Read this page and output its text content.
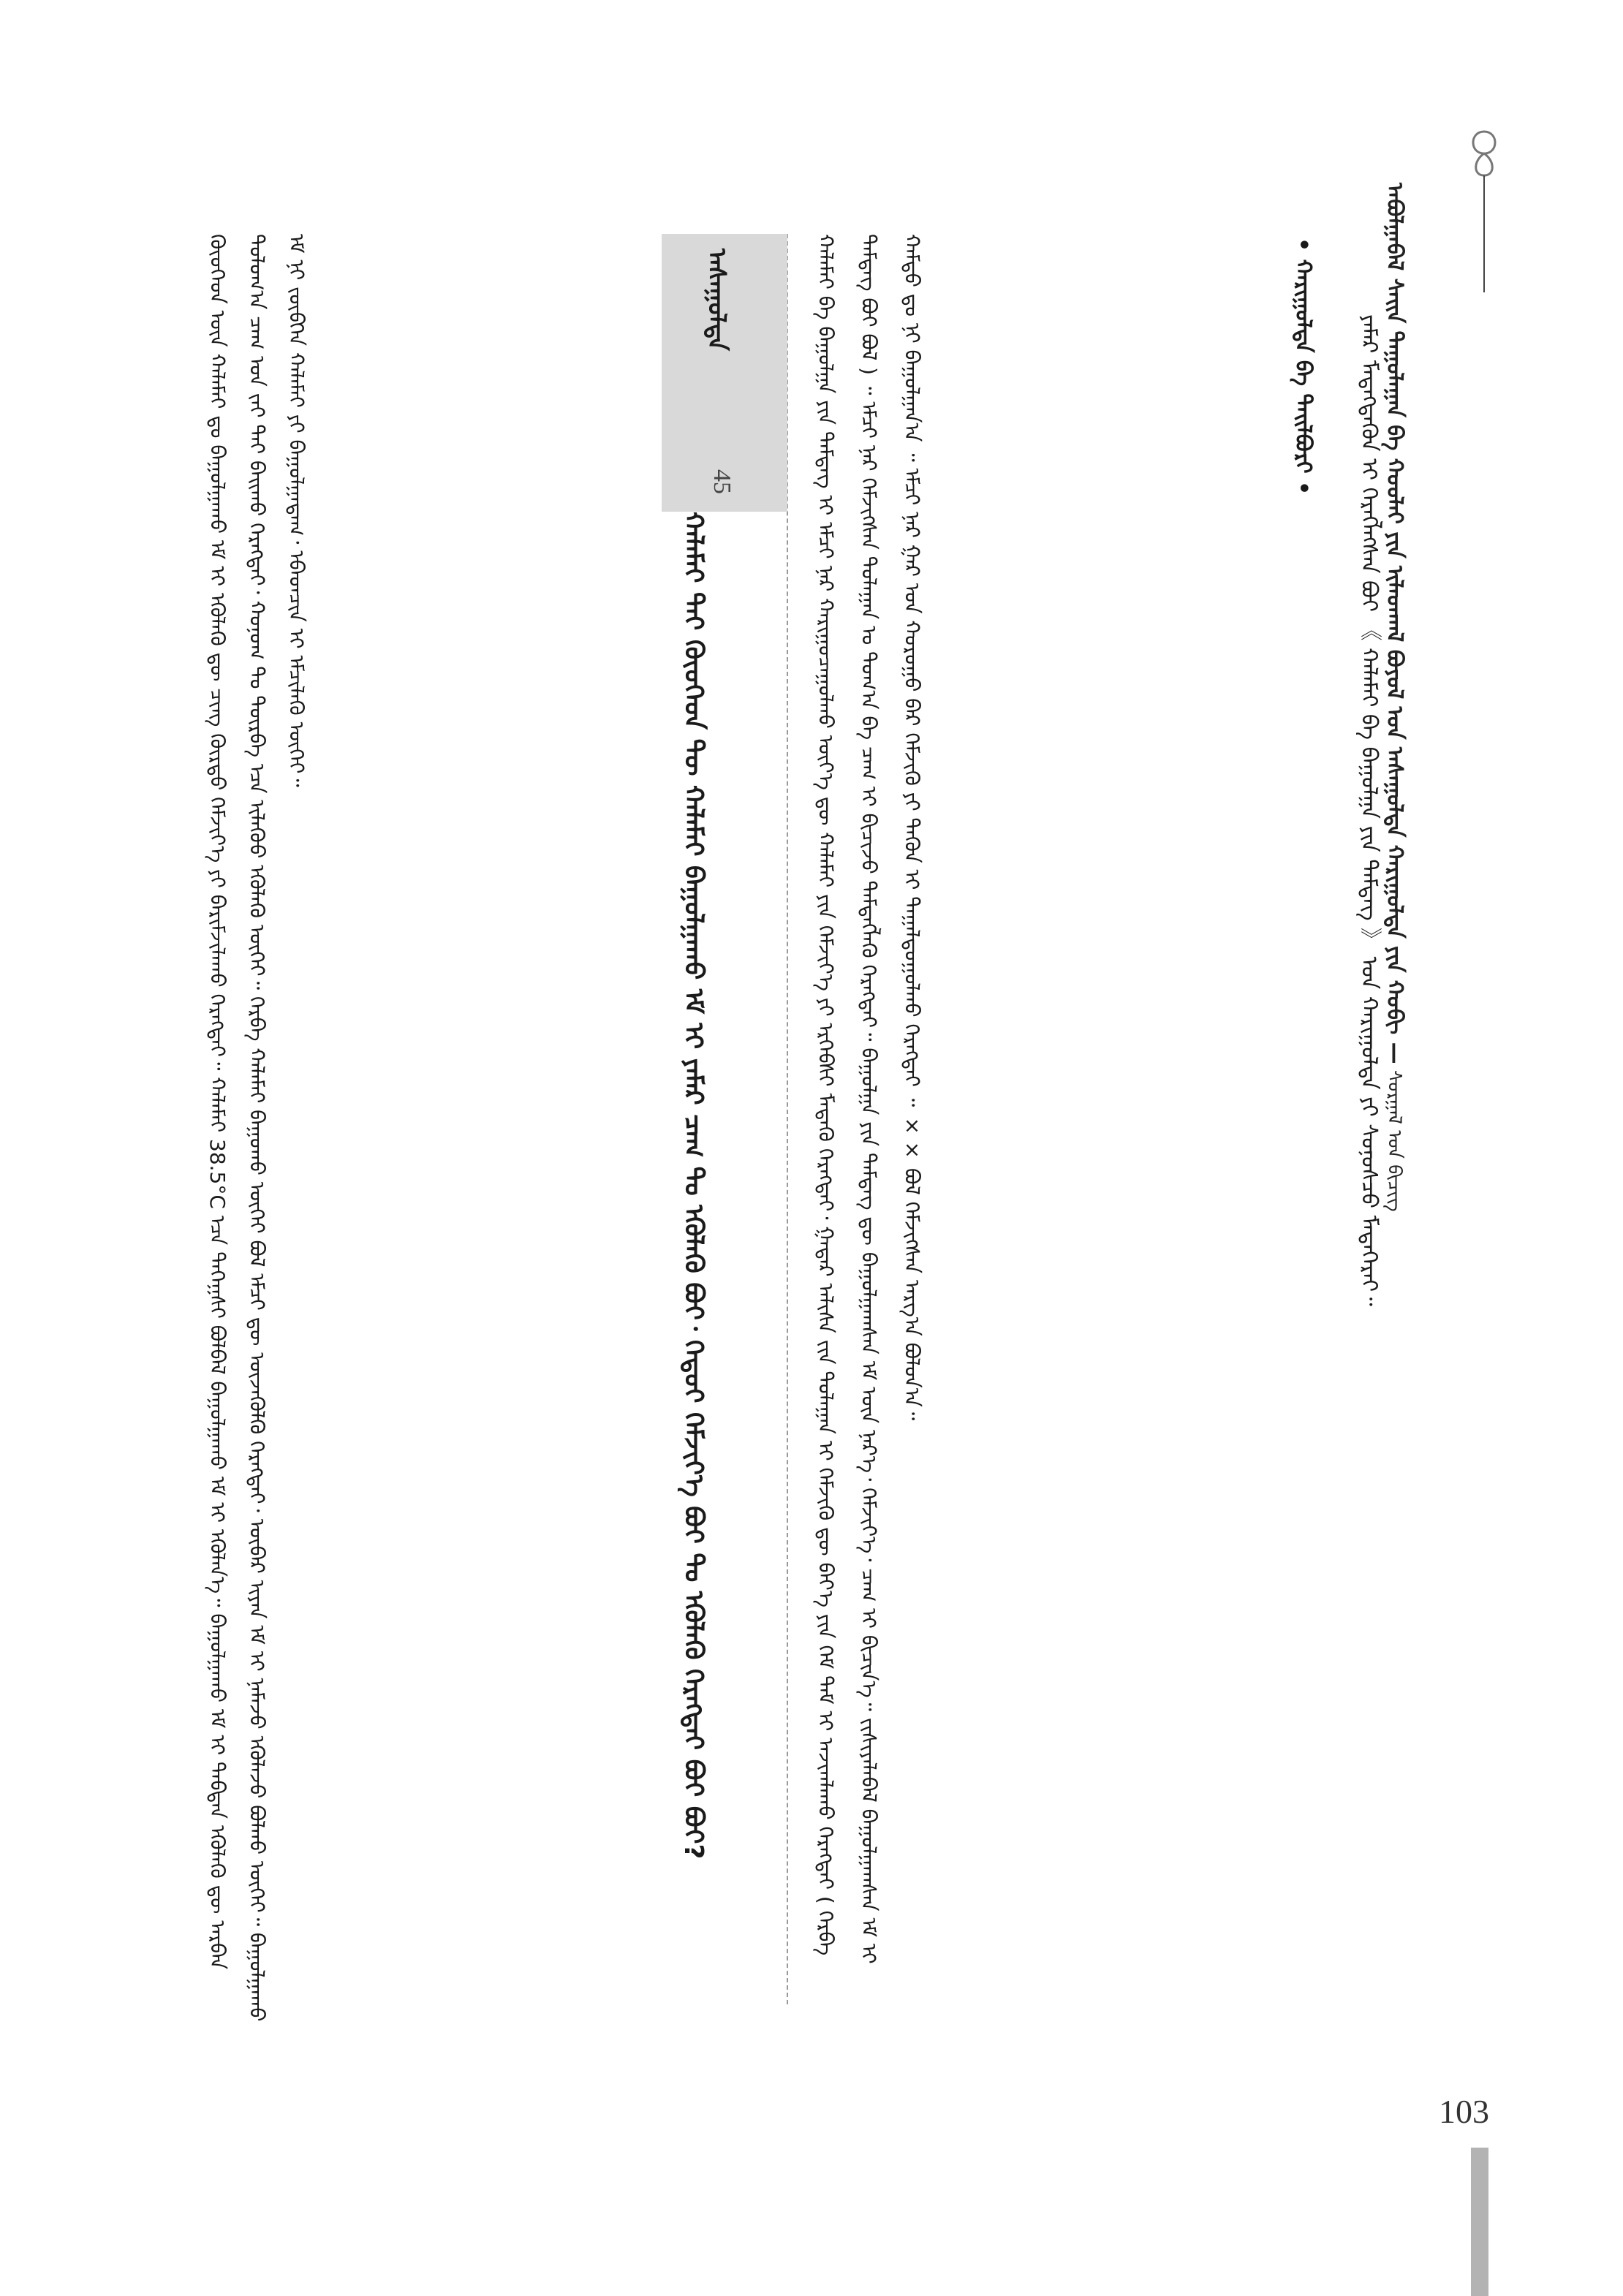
ᠠᠪᠤᠯᠭᠠᠪᠠᠯ ᠰᠠᠢᠨ ᠳᠠᠭᠤᠯᠠᠭᠠᠨ ᠪᠠ ᠬᠣᠣᠯᠠᠢ ᠶᠢᠨ ᠢᠯᠠᠳᠬᠠᠯ ᠪᠣᠶᠣᠯ ᠤᠨ ᠠᠰᠠᠭᠤᠯᠲᠠ ᠬᠠᠷᠢᠭᠤᠯᠲᠠ ᠶᠢᠨ ᠬᠤᠪᠢ — ᠰᠤᠷᠭᠠᠯ ᠤᠨ ᠪᠢᠴᠢᠭ
ᠶᠠᠮᠠᠷ ᠮᠡᠳᠡᠭᠳᠡᠬᠦᠨ ᠢ ᠬᠡᠷᠡᠭᠯᠡᠭᠰᠡᠨ ᠪᠤᠢ 《 ᠬᠠᠯᠠᠮᠠᠢ ᠪᠠ ᠪᠠᠭᠤᠯᠭᠠ ᠶᠢᠨ ᠲᠡᠮᠳᠡᠭ 》 ᠤᠨ ᠬᠠᠷᠢᠭᠤᠯᠲᠠ ᠶᠢ ᠰᠣᠨᠣᠰᠴᠤ ᠮᠡᠳᠡᠭᠡᠷᠡᠢ᠃
• ᠬᠠᠷᠢᠭᠤᠯᠲᠠ ᠪᠠ ᠲᠠᠢᠯᠪᠤᠷᠢ •
ᠬᠠᠯᠠᠮᠠᠢ ᠪᠠ ᠪᠠᠭᠤᠯᠭᠠ ᠶᠢᠨ ᠲᠡᠮᠳᠡᠭ ᠢ ᠡᠮᠴᠢ ᠨᠠᠷ ᠬᠠᠷᠢᠭᠤᠴᠠᠭᠤᠯᠬᠤ ᠦᠶ᠎ᠡ ᠳᠦ ᠬᠠᠯᠠᠮᠠᠢ ᠶᠢᠨ ᠬᠡᠮᠵᠢᠶ᠎ᠡ ᠶᠢ ᠡᠷᠬᠡᠪᠰᠢ ᠮᠡᠳᠡᠬᠦ ᠬᠡᠷᠡᠭᠲᠡᠢ᠂ ᠭᠠᠳᠠᠷ ᠠᠯᠢᠰᠠ ᠵᠢᠨ ᠳᠤᠯᠠᠭᠠᠨ ᠢ ᠬᠡᠮᠵᠢᠬᠦ ᠳᠦ ᠪᠡᠶ᠎ᠡ ᠶᠢᠨ ᠬᠡᠮ ᠳᠡᠮ ᠢ ᠠᠵᠢᠭᠯᠠᠬᠤ ᠬᠡᠷᠡᠭᠲᠡᠢ ( ᠬᠡᠷᠪᠡ ᠲᠡᠮᠳᠡᠭ ᠪᠤᠢ ᠪᠣᠯ ) ᠃ ᠡᠮᠴᠢ ᠨᠠᠷ ᠬᠡᠮᠵᠢᠭᠰᠡᠨ ᠳᠤᠯᠠᠭᠠᠨ ᠤ ᠲᠣᠭ᠎ᠠ ᠪᠠ ᠴᠠᠭ ᠢ ᠪᠢᠴᠢᠵᠦ ᠲᠡᠮᠳᠡᠭᠯᠡᠬᠦ ᠬᠡᠷᠡᠭᠲᠡᠢ᠃ ᠪᠠᠭᠤᠯᠭᠠ ᠶᠢᠨ ᠲᠡᠮᠳᠡᠭ ᠳᠦ ᠪᠠᠭᠤᠯᠭᠠᠭᠰᠠᠨ ᠡᠮ ᠦᠨ ᠨᠡᠷ᠎ᠡ᠂ ᠬᠡᠮᠵᠢᠶ᠎ᠡ᠂ ᠴᠠᠭ ᠢ ᠪᠢᠴᠢᠨ᠎ᠡ᠃ ᠵᠢᠱᠢᠶᠡᠯᠡᠪᠡᠯ ᠪᠠᠭᠤᠯᠭᠠᠭᠰᠠᠨ ᠡᠮ ᠢ ᠬᠠᠮᠲᠤ ᠳᠤ ᠨᠢ ᠪᠠᠭᠤᠯᠭᠠᠨ᠎ᠠ ᠃ ᠡᠮᠴᠢ ᠨᠠᠷ ᠭᠠᠷ ᠤᠨ ᠬᠤᠷᠤᠭᠤ ᠪᠠᠷ ᠬᠡᠮᠵᠢᠬᠦ ᠶᠢ ᠲᠡᠭᠦᠨ ᠢ ᠳᠠᠭᠠᠯᠳᠤᠭᠤᠯᠬᠤ ᠬᠡᠷᠡᠭᠲᠡᠢ ᠃ ×× ᠪᠣᠯ ᠬᠡᠮᠵᠢᠭᠰᠡᠨ ᠠᠷᠭ᠎ᠠ ᠪᠣᠯᠤᠨ᠎ᠠ᠃
ᠠᠰᠠᠭᠤᠯᠲᠠ
45
ᠬᠠᠯᠠᠮᠠᠢ ᠲᠠᠢ ᠬᠦᠦᠬᠡᠳ ᠲᠦ ᠬᠠᠯᠠᠮᠠᠢ ᠪᠠᠭᠤᠯᠭᠠᠬᠤ ᠡᠮ ᠢ ᠶᠠᠮᠠᠷ ᠴᠠᠭ ᠲᠤ ᠡᠭᠦᠯᠡᠬᠦ ᠪᠤᠢ᠂ ᠬᠡᠳᠦᠢ ᠬᠡᠮᠵᠢᠶ᠎ᠡ ᠪᠤᠢ ᠲᠤ ᠡᠭᠦᠯᠡᠬᠦ ᠬᠡᠷᠡᠭᠲᠡᠢ ᠪᠤᠢ ᠪᠤᠢ?
ᠬᠦᠦᠬᠡᠳ ᠦᠨ ᠬᠠᠯᠠᠮᠠᠢ ᠳᠤ ᠪᠠᠭᠤᠯᠭᠠᠬᠤ ᠡᠮ ᠢ ᠡᠭᠦᠯᠡᠬᠦ ᠳᠦ ᠴᠢᠩ ᠬᠦᠷᠳᠦ ᠬᠡᠮᠵᠢᠶ᠎ᠡ ᠶᠢ ᠪᠠᠷᠢᠮᠵᠢᠯᠠᠬᠤ ᠬᠡᠷᠡᠭᠲᠡᠢ᠃ ᠬᠠᠯᠠᠮᠠᠢ 38.5°C ᠡᠴᠡ ᠳᠡᠭᠡᠭ᠋ᠰᠢ ᠪᠣᠯᠪᠠᠯ ᠪᠠᠭᠤᠯᠭᠠᠬᠤ ᠡᠮ ᠢ ᠡᠭᠦᠯᠡᠨ᠎ᠡ᠃ ᠪᠠᠭᠤᠯᠭᠠᠬᠤ ᠡᠮ ᠢ ᠳᠠᠪᠲᠠᠨ ᠡᠭᠦᠯᠡᠬᠦ ᠳᠦ ᠠᠷᠪᠠᠨ ᠳᠤᠯᠤᠭ᠎ᠠ ᠴᠠᠭ ᠤᠨ ᠵᠠᠢ ᠲᠠᠢ ᠪᠠᠢᠬᠤ ᠬᠡᠷᠡᠭᠲᠡᠢ᠂ ᠬᠣᠨᠣᠭ ᠲᠤ ᠳᠦᠷᠪᠡ ᠡᠴᠡ ᠢᠯᠡᠭᠦᠦ ᠡᠭᠦᠯᠡᠬᠦ ᠦᠭᠡᠢ᠃ ᠬᠡᠷᠪᠡ ᠬᠠᠯᠠᠮᠠᠢ ᠪᠠᠭᠤᠬᠤ ᠦᠭᠡᠢ ᠪᠣᠯ ᠡᠮᠴᠢ ᠳᠦ ᠦᠵᠡᠭᠦᠯᠬᠦ ᠬᠡᠷᠡᠭᠲᠡᠢ᠂ ᠥᠪᠡᠷ ᠢᠶᠡᠨ ᠡᠮ ᠢ ᠨᠡᠮᠡᠵᠦ ᠡᠭᠦᠯᠡᠵᠦ ᠪᠣᠯᠬᠤ ᠦᠭᠡᠢ᠃ ᠪᠠᠭᠤᠯᠭᠠᠬᠤ ᠡᠮ ᠨᠢ ᠵᠥᠪᠬᠡᠨ ᠬᠠᠯᠠᠮᠠᠢ ᠶᠢ ᠪᠠᠭᠤᠯᠭᠠᠳᠠᠭ᠂ ᠡᠪᠡᠳᠴᠢᠨ ᠢ ᠡᠮᠴᠢᠯᠡᠬᠦ ᠦᠭᠡᠢ᠃
103
